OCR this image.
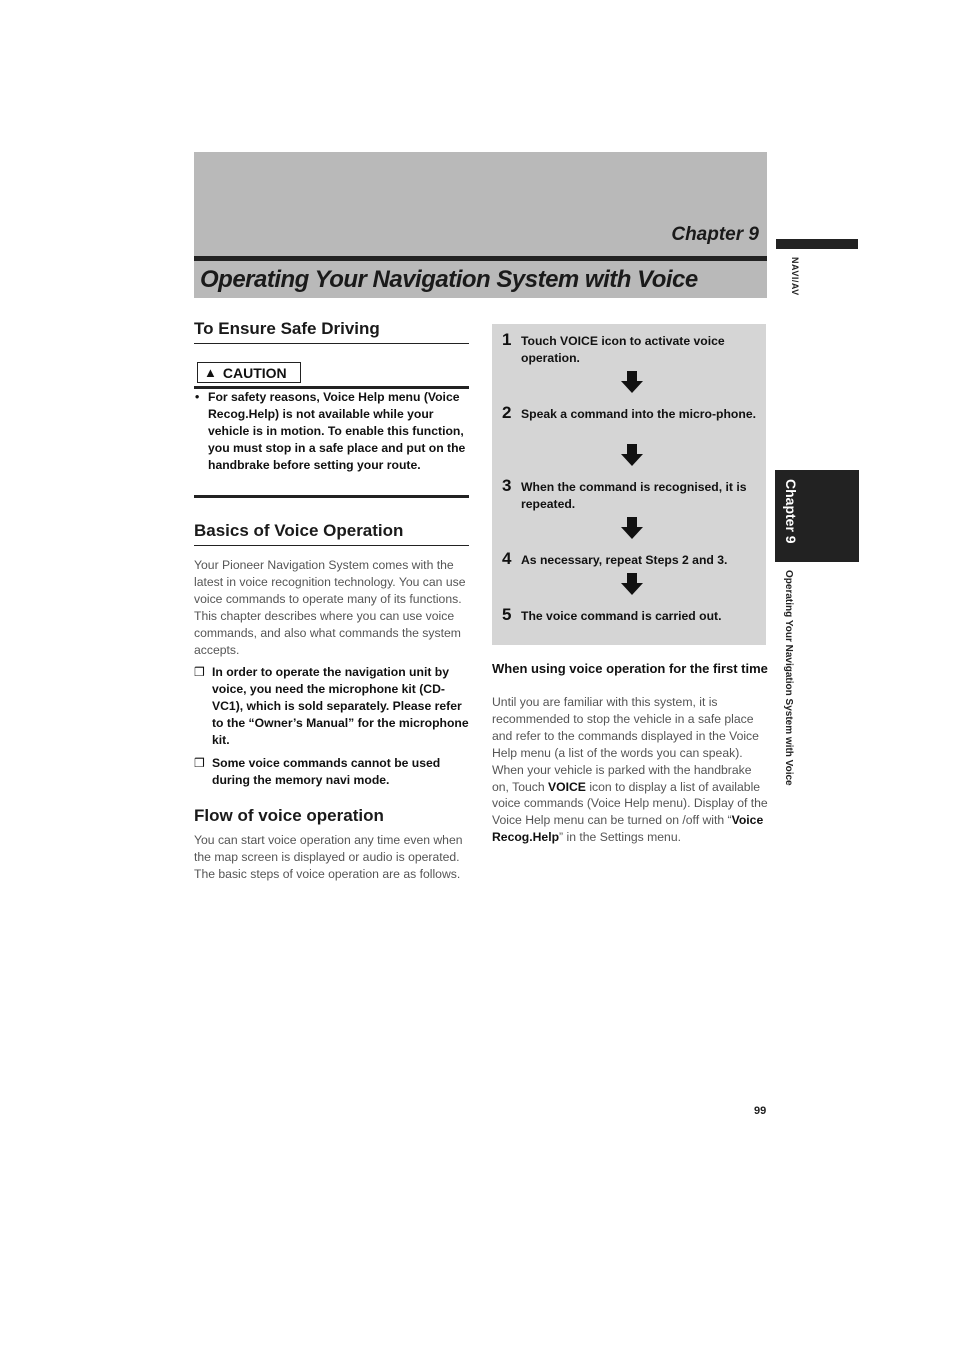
Chapter 9
Operating Your Navigation System with Voice	NAVI/AV
Chapter 9
Operating Your Navigation System with Voice
To Ensure Safe Driving
▲ CAUTION
• For safety reasons, Voice Help menu (Voice Recog.Help) is not available while your vehicle is in motion. To enable this function, you must stop in a safe place and put on the handbrake before setting your route.
Basics of Voice Operation
Your Pioneer Navigation System comes with the latest in voice recognition technology. You can use voice commands to operate many of its functions. This chapter describes where you can use voice commands, and also what commands the system accepts.
❒ In order to operate the navigation unit by voice, you need the microphone kit (CD-VC1), which is sold separately. Please refer to the “Owner’s Manual” for the microphone kit.
❒ Some voice commands cannot be used during the memory navi mode.
Flow of voice operation
You can start voice operation any time even when the map screen is displayed or audio is operated. The basic steps of voice operation are as follows.
1 Touch VOICE icon to activate voice operation.
2 Speak a command into the micro-phone.
3 When the command is recognised, it is repeated.
4 As necessary, repeat Steps 2 and 3.
5 The voice command is carried out.
When using voice operation for the first time
Until you are familiar with this system, it is recommended to stop the vehicle in a safe place and refer to the commands displayed in the Voice Help menu (a list of the words you can speak). When your vehicle is parked with the handbrake on, Touch VOICE icon to display a list of available voice commands (Voice Help menu). Display of the Voice Help menu can be turned on /off with “Voice Recog.Help” in the Settings menu.
99
